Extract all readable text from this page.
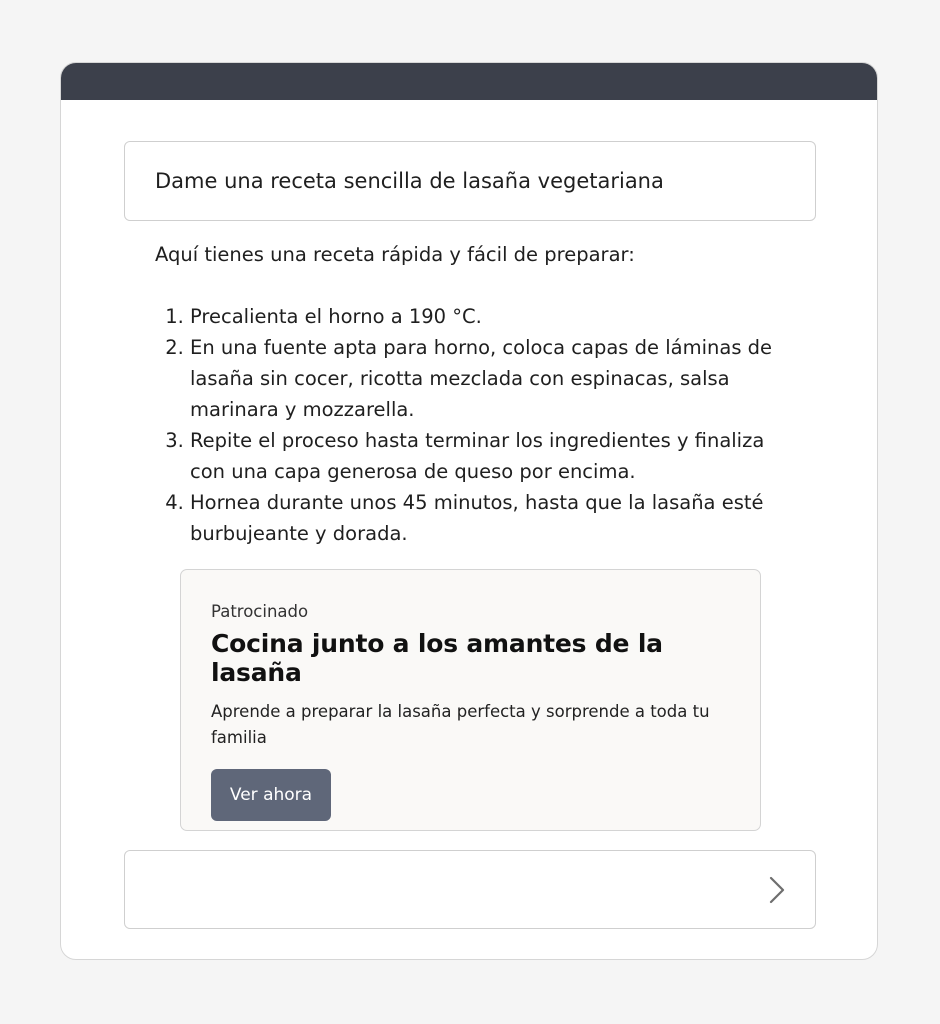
Dame una receta sencilla de lasaña vegetariana

Aquí tienes una receta rápida y fácil de preparar:

1. Precalienta el horno a 190 °C.
2. En una fuente apta para horno, coloca capas de láminas de lasaña sin cocer, ricotta mezclada con espinacas, salsa marinara y mozzarella.
3. Repite el proceso hasta terminar los ingredientes y finaliza con una capa generosa de queso por encima.
4. Hornea durante unos 45 minutos, hasta que la lasaña esté burbujeante y dorada.
Patrocinado
Cocina junto a los amantes de la lasaña
Aprende a preparar la lasaña perfecta y sorprende a toda tu familia
Ver ahora
